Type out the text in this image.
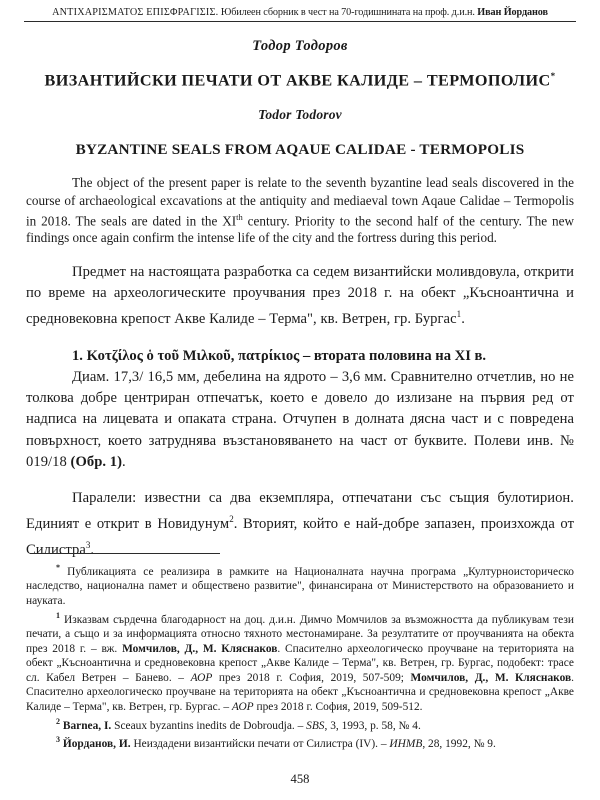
ΑΝΤΙΧΑΡΙΣΜΑΤΟΣ ΕΠΙΣΦΡΑΓΙΣΙΣ. Юбилеен сборник в чест на 70-годишнината на проф. д.и.н. Иван Йорданов
Тодор Тодоров
ВИЗАНТИЙСКИ ПЕЧАТИ ОТ АКВЕ КАЛИДЕ – ТЕРМОПОЛИС*
Todor Todorov
BYZANTINE SEALS FROM AQAUE CALIDAE - TERMOPOLIS
The object of the present paper is relate to the seventh byzantine lead seals discovered in the course of archaeological excavations at the antiquity and mediaeval town Aqaue Calidae – Termopolis in 2018. The seals are dated in the XIth century. Priority to the second half of the century. The new findings once again confirm the intense life of the city and the fortress during this period.
Предмет на настоящата разработка са седем византийски моливдовула, открити по време на археологическите проучвания през 2018 г. на обект „Късноантична и средновековна крепост Акве Калиде – Терма", кв. Ветрен, гр. Бургас$^1$.
1. Κοτζίλος ὁ τοῦ Μιλκοῦ, πατρίκιος – втората половина на XI в.
Диам. 17,3/ 16,5 мм, дебелина на ядрото – 3,6 мм. Сравнително отчетлив, но не толкова добре центриран отпечатък, което е довело до излизане на първия ред от надписа на лицевата и опаката страна. Отчупен в долната дясна част и с повредена повърхност, което затруднява възстановяването на част от буквите. Полеви инв. № 019/18 (Обр. 1).
Паралели: известни са два екземпляра, отпечатани със същия булотирион. Единият е открит в Новидунум$^2$. Вторият, който е най-добре запазен, произхожда от Силистра$^3$.
* Публикацията се реализира в рамките на Националната научна програма „Културноисторическо наследство, национална памет и обществено развитие", финансирана от Министерството на образованието и науката.
$^1$ Изказвам сърдечна благодарност на доц. д.и.н. Димчо Момчилов за възможността да публикувам тези печати, а също и за информацията относно тяхното местонамиране. За резултатите от проучванията на обекта през 2018 г. – вж. Момчилов, Д., М. Кляснаков. Спасително археологическо проучване на територията на обект „Късноантична и средновековна крепост „Акве Калиде – Терма", кв. Ветрен, гр. Бургас, подобект: трасе сл. Кабел Ветрен – Банево. – АОР през 2018 г. София, 2019, 507-509; Момчилов, Д., М. Кляснаков. Спасително археологическо проучване на територията на обект „Късноантична и средновековна крепост „Акве Калиде – Терма", кв. Ветрен, гр. Бургас. – АОР през 2018 г. София, 2019, 509-512.
$^2$ Barnea, I. Sceaux byzantins inedits de Dobroudja. – SBS, 3, 1993, p. 58, № 4.
$^3$ Йорданов, И. Неиздадени византийски печати от Силистра (IV). – ИНМВ, 28, 1992, № 9.
458
